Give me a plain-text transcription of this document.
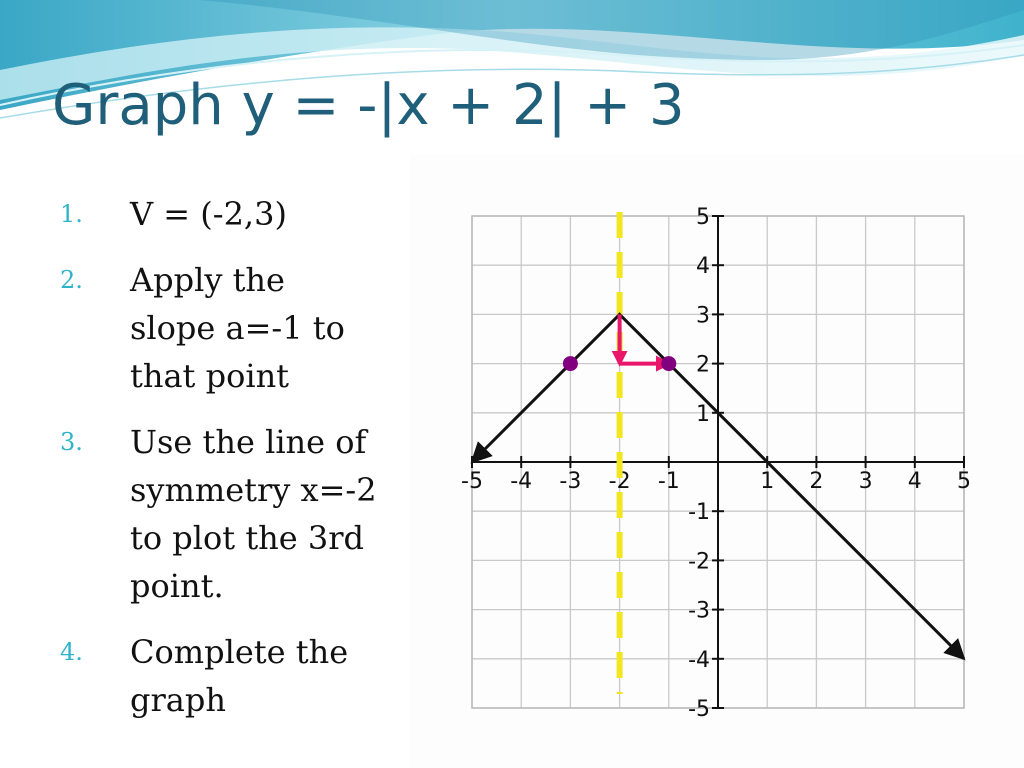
Graph y = -|x + 2| + 3
1.	V = (-2,3)
2.	Apply the slope a=-1 to that point
3.	Use the line of symmetry x=-2 to plot the 3rd point.
4.	Complete the graph
-5 -4 -3 -2 -1	1 2 3 4 5
5
4
3
2
1
-1
-2
-3
-4
-5
